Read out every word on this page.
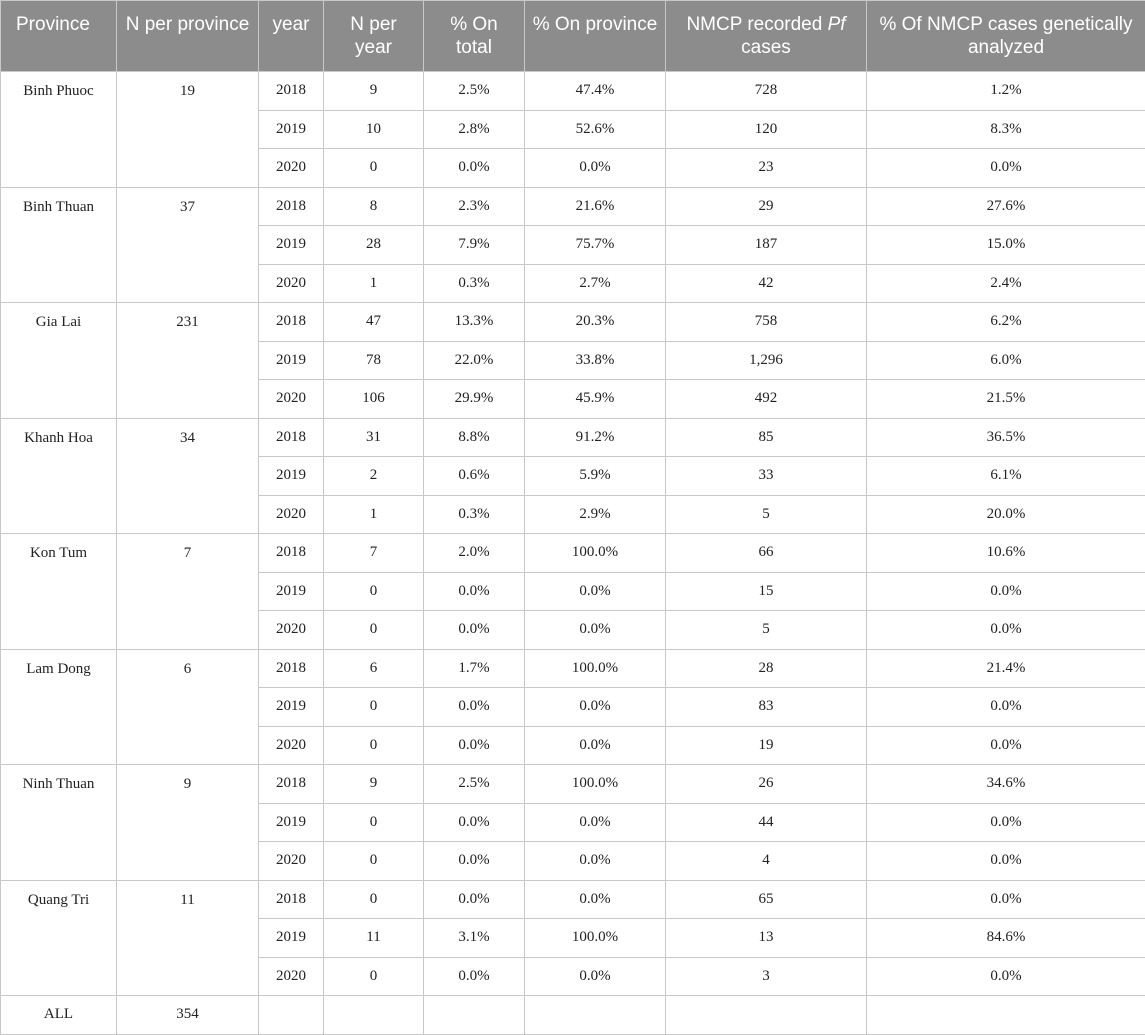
Province	N per province	year	N per year	% On total	% On province	NMCP recorded Pf cases	% Of NMCP cases genetically analyzed
Binh Phuoc	19	2018	9	2.5%	47.4%	728	1.2%
		2019	10	2.8%	52.6%	120	8.3%
		2020	0	0.0%	0.0%	23	0.0%
Binh Thuan	37	2018	8	2.3%	21.6%	29	27.6%
		2019	28	7.9%	75.7%	187	15.0%
		2020	1	0.3%	2.7%	42	2.4%
Gia Lai	231	2018	47	13.3%	20.3%	758	6.2%
		2019	78	22.0%	33.8%	1,296	6.0%
		2020	106	29.9%	45.9%	492	21.5%
Khanh Hoa	34	2018	31	8.8%	91.2%	85	36.5%
		2019	2	0.6%	5.9%	33	6.1%
		2020	1	0.3%	2.9%	5	20.0%
Kon Tum	7	2018	7	2.0%	100.0%	66	10.6%
		2019	0	0.0%	0.0%	15	0.0%
		2020	0	0.0%	0.0%	5	0.0%
Lam Dong	6	2018	6	1.7%	100.0%	28	21.4%
		2019	0	0.0%	0.0%	83	0.0%
		2020	0	0.0%	0.0%	19	0.0%
Ninh Thuan	9	2018	9	2.5%	100.0%	26	34.6%
		2019	0	0.0%	0.0%	44	0.0%
		2020	0	0.0%	0.0%	4	0.0%
Quang Tri	11	2018	0	0.0%	0.0%	65	0.0%
		2019	11	3.1%	100.0%	13	84.6%
		2020	0	0.0%	0.0%	3	0.0%
ALL	354						
